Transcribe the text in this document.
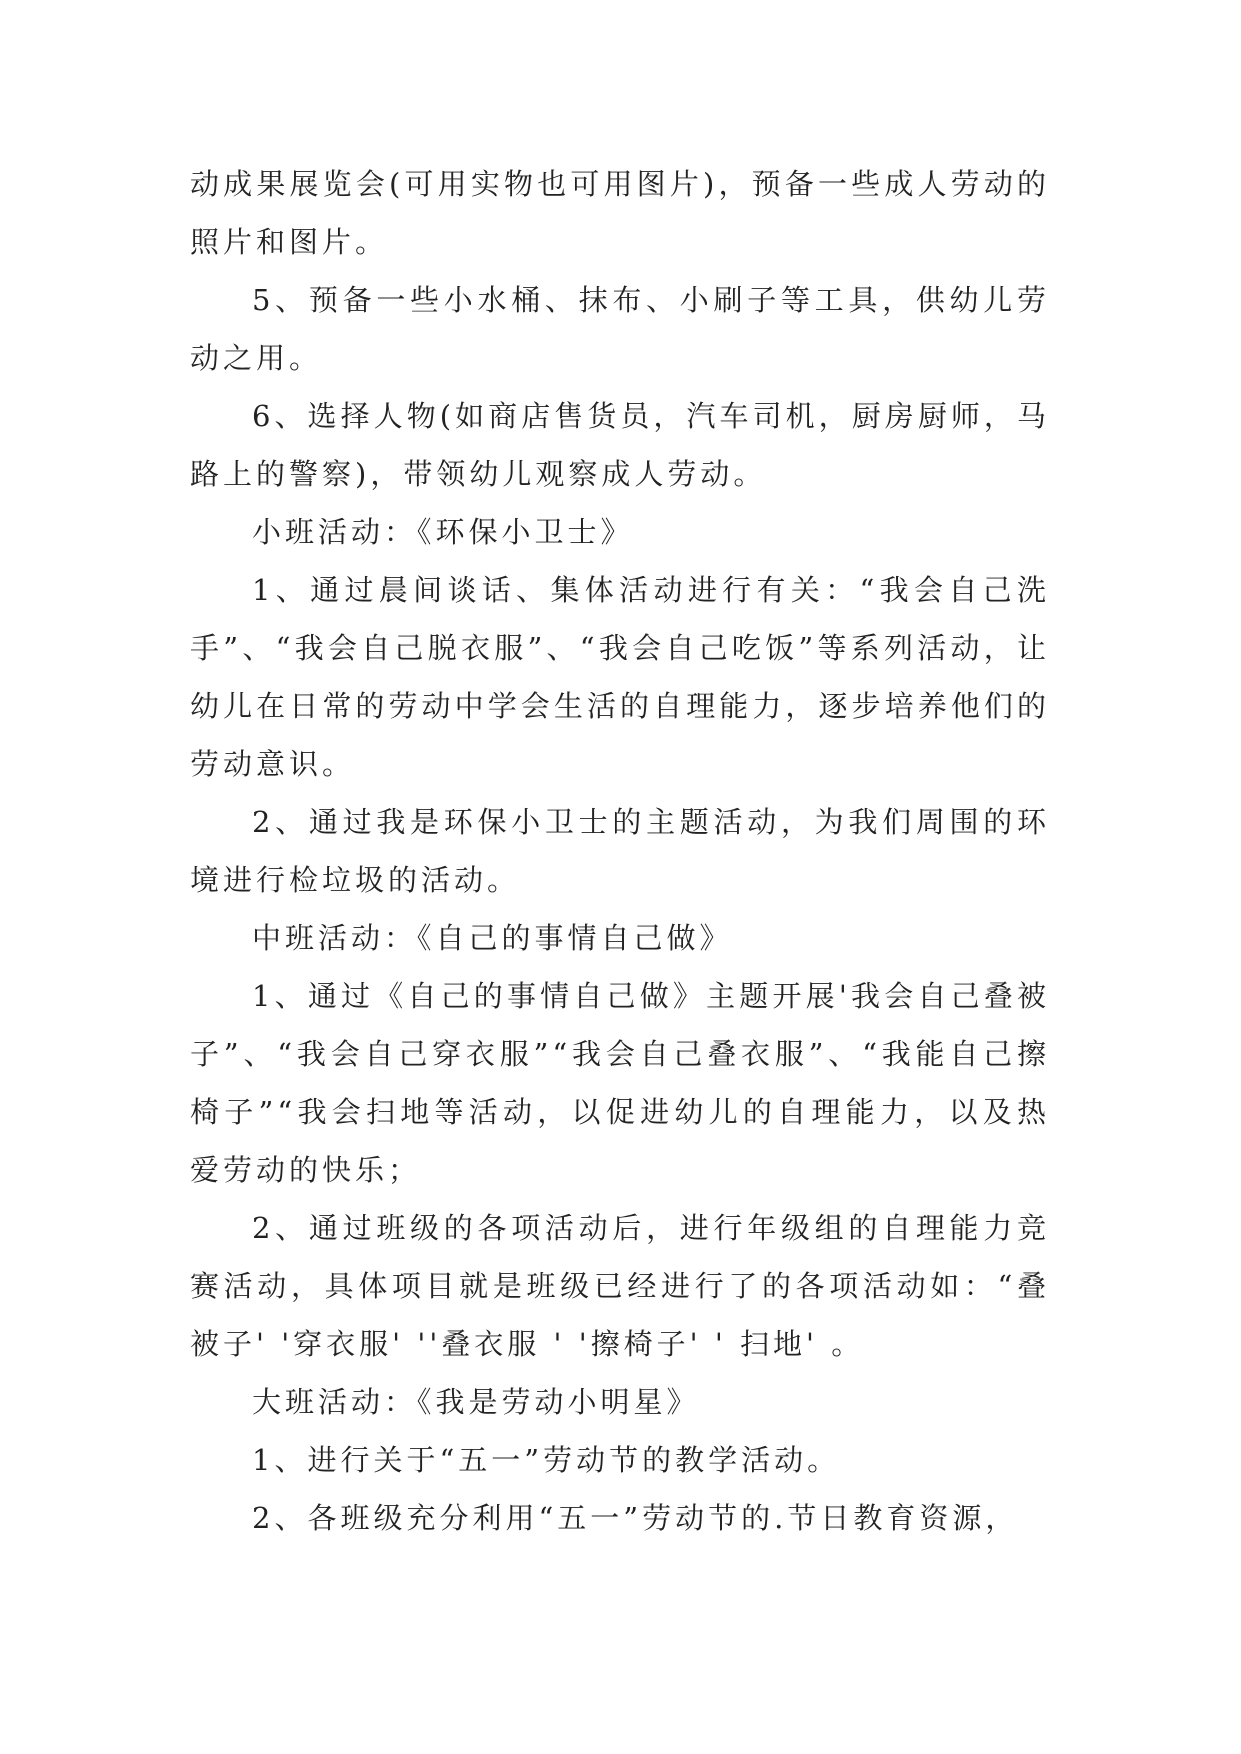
动成果展览会(可用实物也可用图片)，预备一些成人劳动的照片和图片。

5、预备一些小水桶、抹布、小刷子等工具，供幼儿劳动之用。

6、选择人物(如商店售货员，汽车司机，厨房厨师，马路上的警察)，带领幼儿观察成人劳动。

小班活动：《环保小卫士》

1、通过晨间谈话、集体活动进行有关：“我会自己洗手”、“我会自己脱衣服”、“我会自己吃饭”等系列活动，让幼儿在日常的劳动中学会生活的自理能力，逐步培养他们的劳动意识。

2、通过我是环保小卫士的主题活动，为我们周围的环境进行检垃圾的活动。

中班活动：《自己的事情自己做》

1、通过《自己的事情自己做》主题开展'我会自己叠被子”、“我会自己穿衣服”“我会自己叠衣服”、“我能自己擦椅子”“我会扫地等活动，以促进幼儿的自理能力，以及热爱劳动的快乐；

2、通过班级的各项活动后，进行年级组的自理能力竞赛活动，具体项目就是班级已经进行了的各项活动如：“叠被子' '穿衣服' ''叠衣服 ' '擦椅子' ' 扫地' 。

大班活动：《我是劳动小明星》

1、进行关于“五一”劳动节的教学活动。

2、各班级充分利用“五一”劳动节的.节日教育资源，
